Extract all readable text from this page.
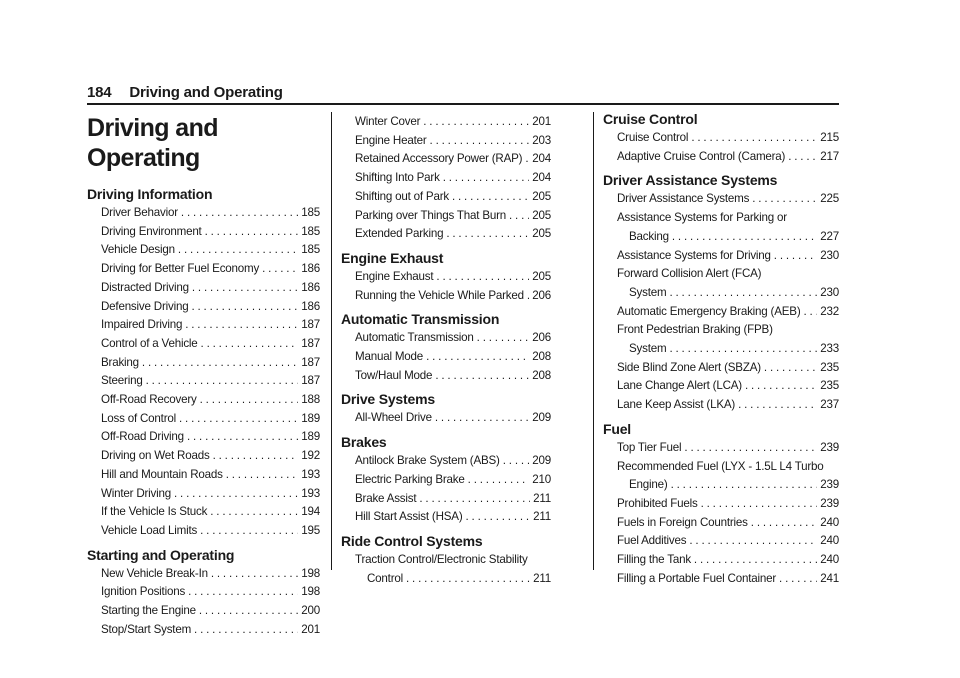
184 Driving and Operating
Driving and Operating
Driving Information
Driver Behavior . . .	185
Driving Environment . . .	185
Vehicle Design . . .	185
Driving for Better Fuel Economy . . .	186
Distracted Driving . . .	186
Defensive Driving . . .	186
Impaired Driving . . .	187
Control of a Vehicle . . .	187
Braking . . .	187
Steering . . .	187
Off-Road Recovery . . .	188
Loss of Control . . .	189
Off-Road Driving . . .	189
Driving on Wet Roads . . .	192
Hill and Mountain Roads . . .	193
Winter Driving . . .	193
If the Vehicle Is Stuck . . .	194
Vehicle Load Limits . . .	195
Starting and Operating
New Vehicle Break-In . . .	198
Ignition Positions . . .	198
Starting the Engine . . .	200
Stop/Start System . . .	201
Winter Cover . . .	201
Engine Heater . . .	203
Retained Accessory Power (RAP) . . . 204
Shifting Into Park . . .	204
Shifting out of Park . . .	205
Parking over Things That Burn . . . 205
Extended Parking . . .	205
Engine Exhaust
Engine Exhaust . . .	205
Running the Vehicle While Parked . . . 206
Automatic Transmission
Automatic Transmission . . .	206
Manual Mode . . .	208
Tow/Haul Mode . . .	208
Drive Systems
All-Wheel Drive . . .	209
Brakes
Antilock Brake System (ABS) . . .	209
Electric Parking Brake . . .	210
Brake Assist . . .	211
Hill Start Assist (HSA) . . .	211
Ride Control Systems
Traction Control/Electronic Stability
Control . . .	211
Cruise Control
Cruise Control . . .	215
Adaptive Cruise Control (Camera) . . .	217
Driver Assistance Systems
Driver Assistance Systems . . .	225
Assistance Systems for Parking or
Backing . . .	227
Assistance Systems for Driving . . .	230
Forward Collision Alert (FCA)
System . . .	230
Automatic Emergency Braking (AEB) . . . 232
Front Pedestrian Braking (FPB)
System . . .	233
Side Blind Zone Alert (SBZA) . . .	235
Lane Change Alert (LCA) . . .	235
Lane Keep Assist (LKA) . . .	237
Fuel
Top Tier Fuel . . .	239
Recommended Fuel (LYX - 1.5L L4 Turbo
Engine) . . .	239
Prohibited Fuels . . .	239
Fuels in Foreign Countries . . .	240
Fuel Additives . . .	240
Filling the Tank . . .	240
Filling a Portable Fuel Container . . .	241
